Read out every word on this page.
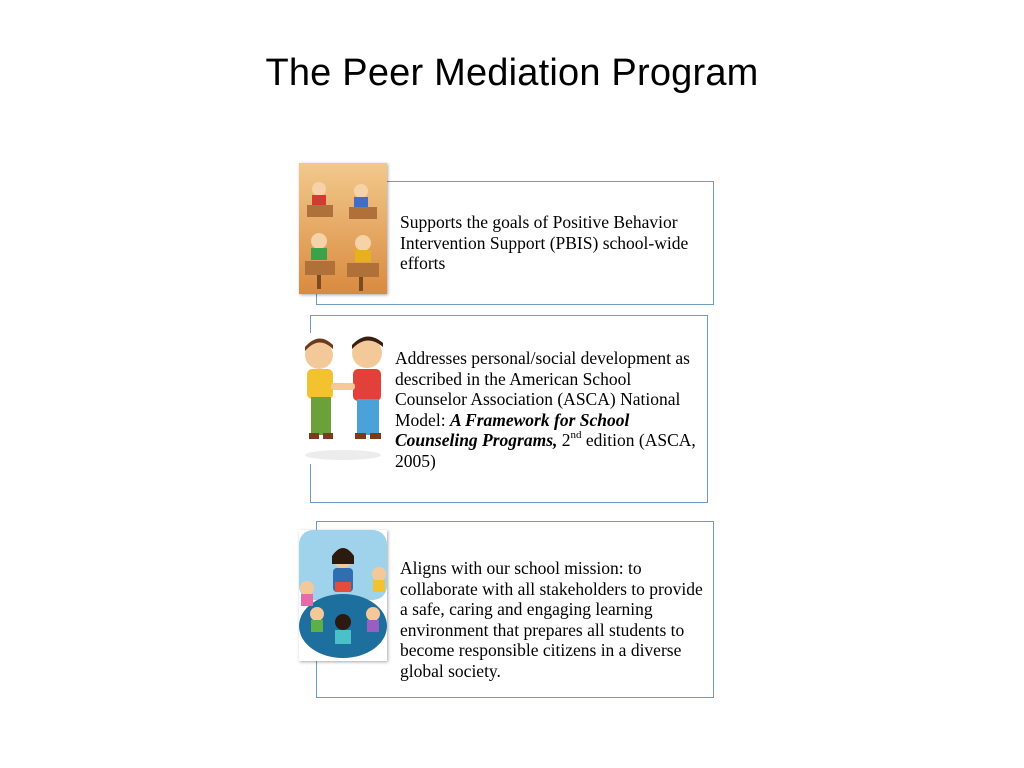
The Peer Mediation Program
Supports the goals of Positive Behavior Intervention Support (PBIS) school-wide efforts
Addresses personal/social development as described in the American School Counselor Association (ASCA) National Model: A Framework for School Counseling Programs, 2nd edition (ASCA, 2005)
Aligns with our school mission: to collaborate with all stakeholders to provide a safe, caring and engaging learning environment that prepares all students to become responsible citizens in a diverse global society.
